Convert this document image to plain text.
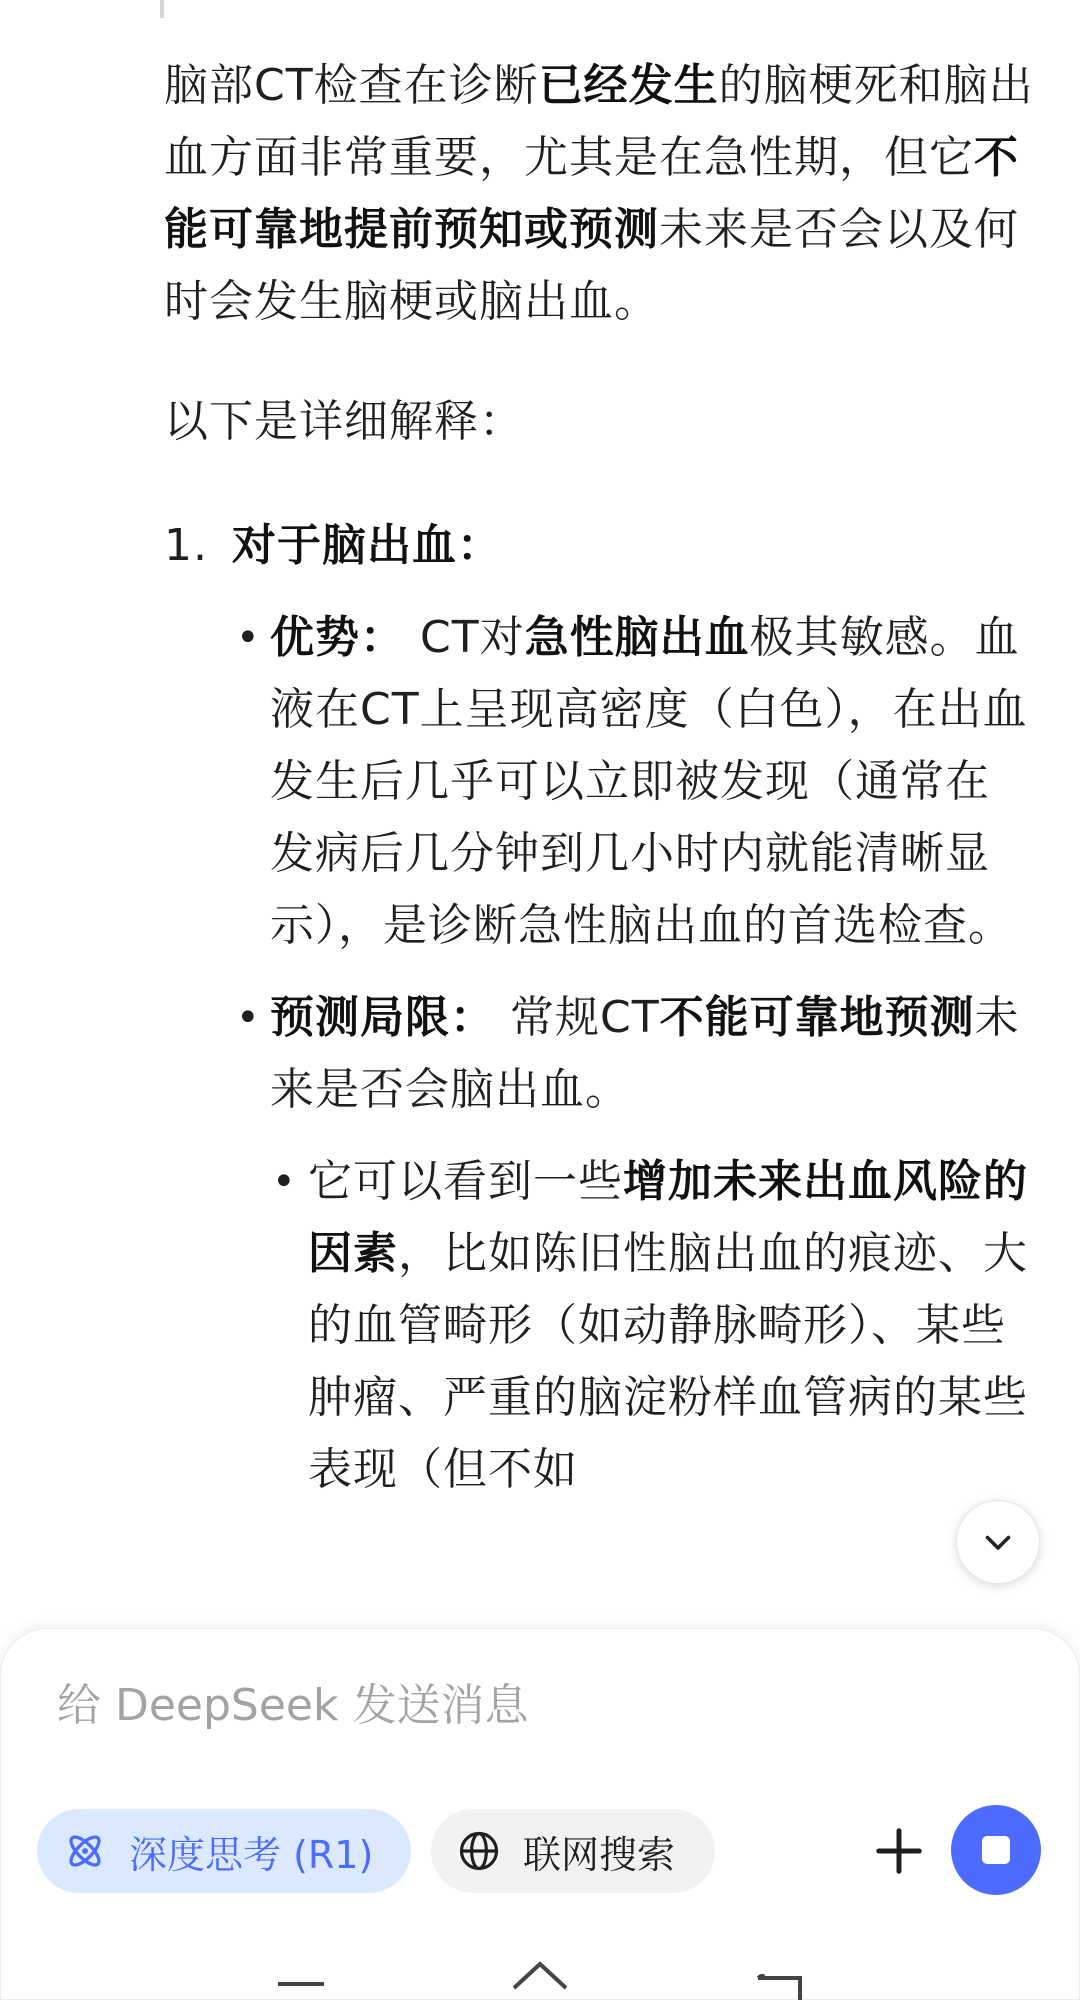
脑部CT检查在诊断已经发生的脑梗死和脑出血方面非常重要，尤其是在急性期，但它不能可靠地提前预知或预测未来是否会以及何时会发生脑梗或脑出血。

以下是详细解释：

1. 对于脑出血：
• 优势： CT对急性脑出血极其敏感。血液在CT上呈现高密度（白色），在出血发生后几乎可以立即被发现（通常在发病后几分钟到几小时内就能清晰显示），是诊断急性脑出血的首选检查。
• 预测局限： 常规CT不能可靠地预测未来是否会脑出血。
• 它可以看到一些增加未来出血风险的因素，比如陈旧性脑出血的痕迹、大的血管畸形（如动静脉畸形）、某些肿瘤、严重的脑淀粉样血管病的某些表现（但不如
给 DeepSeek 发送消息
深度思考 (R1)	联网搜索
